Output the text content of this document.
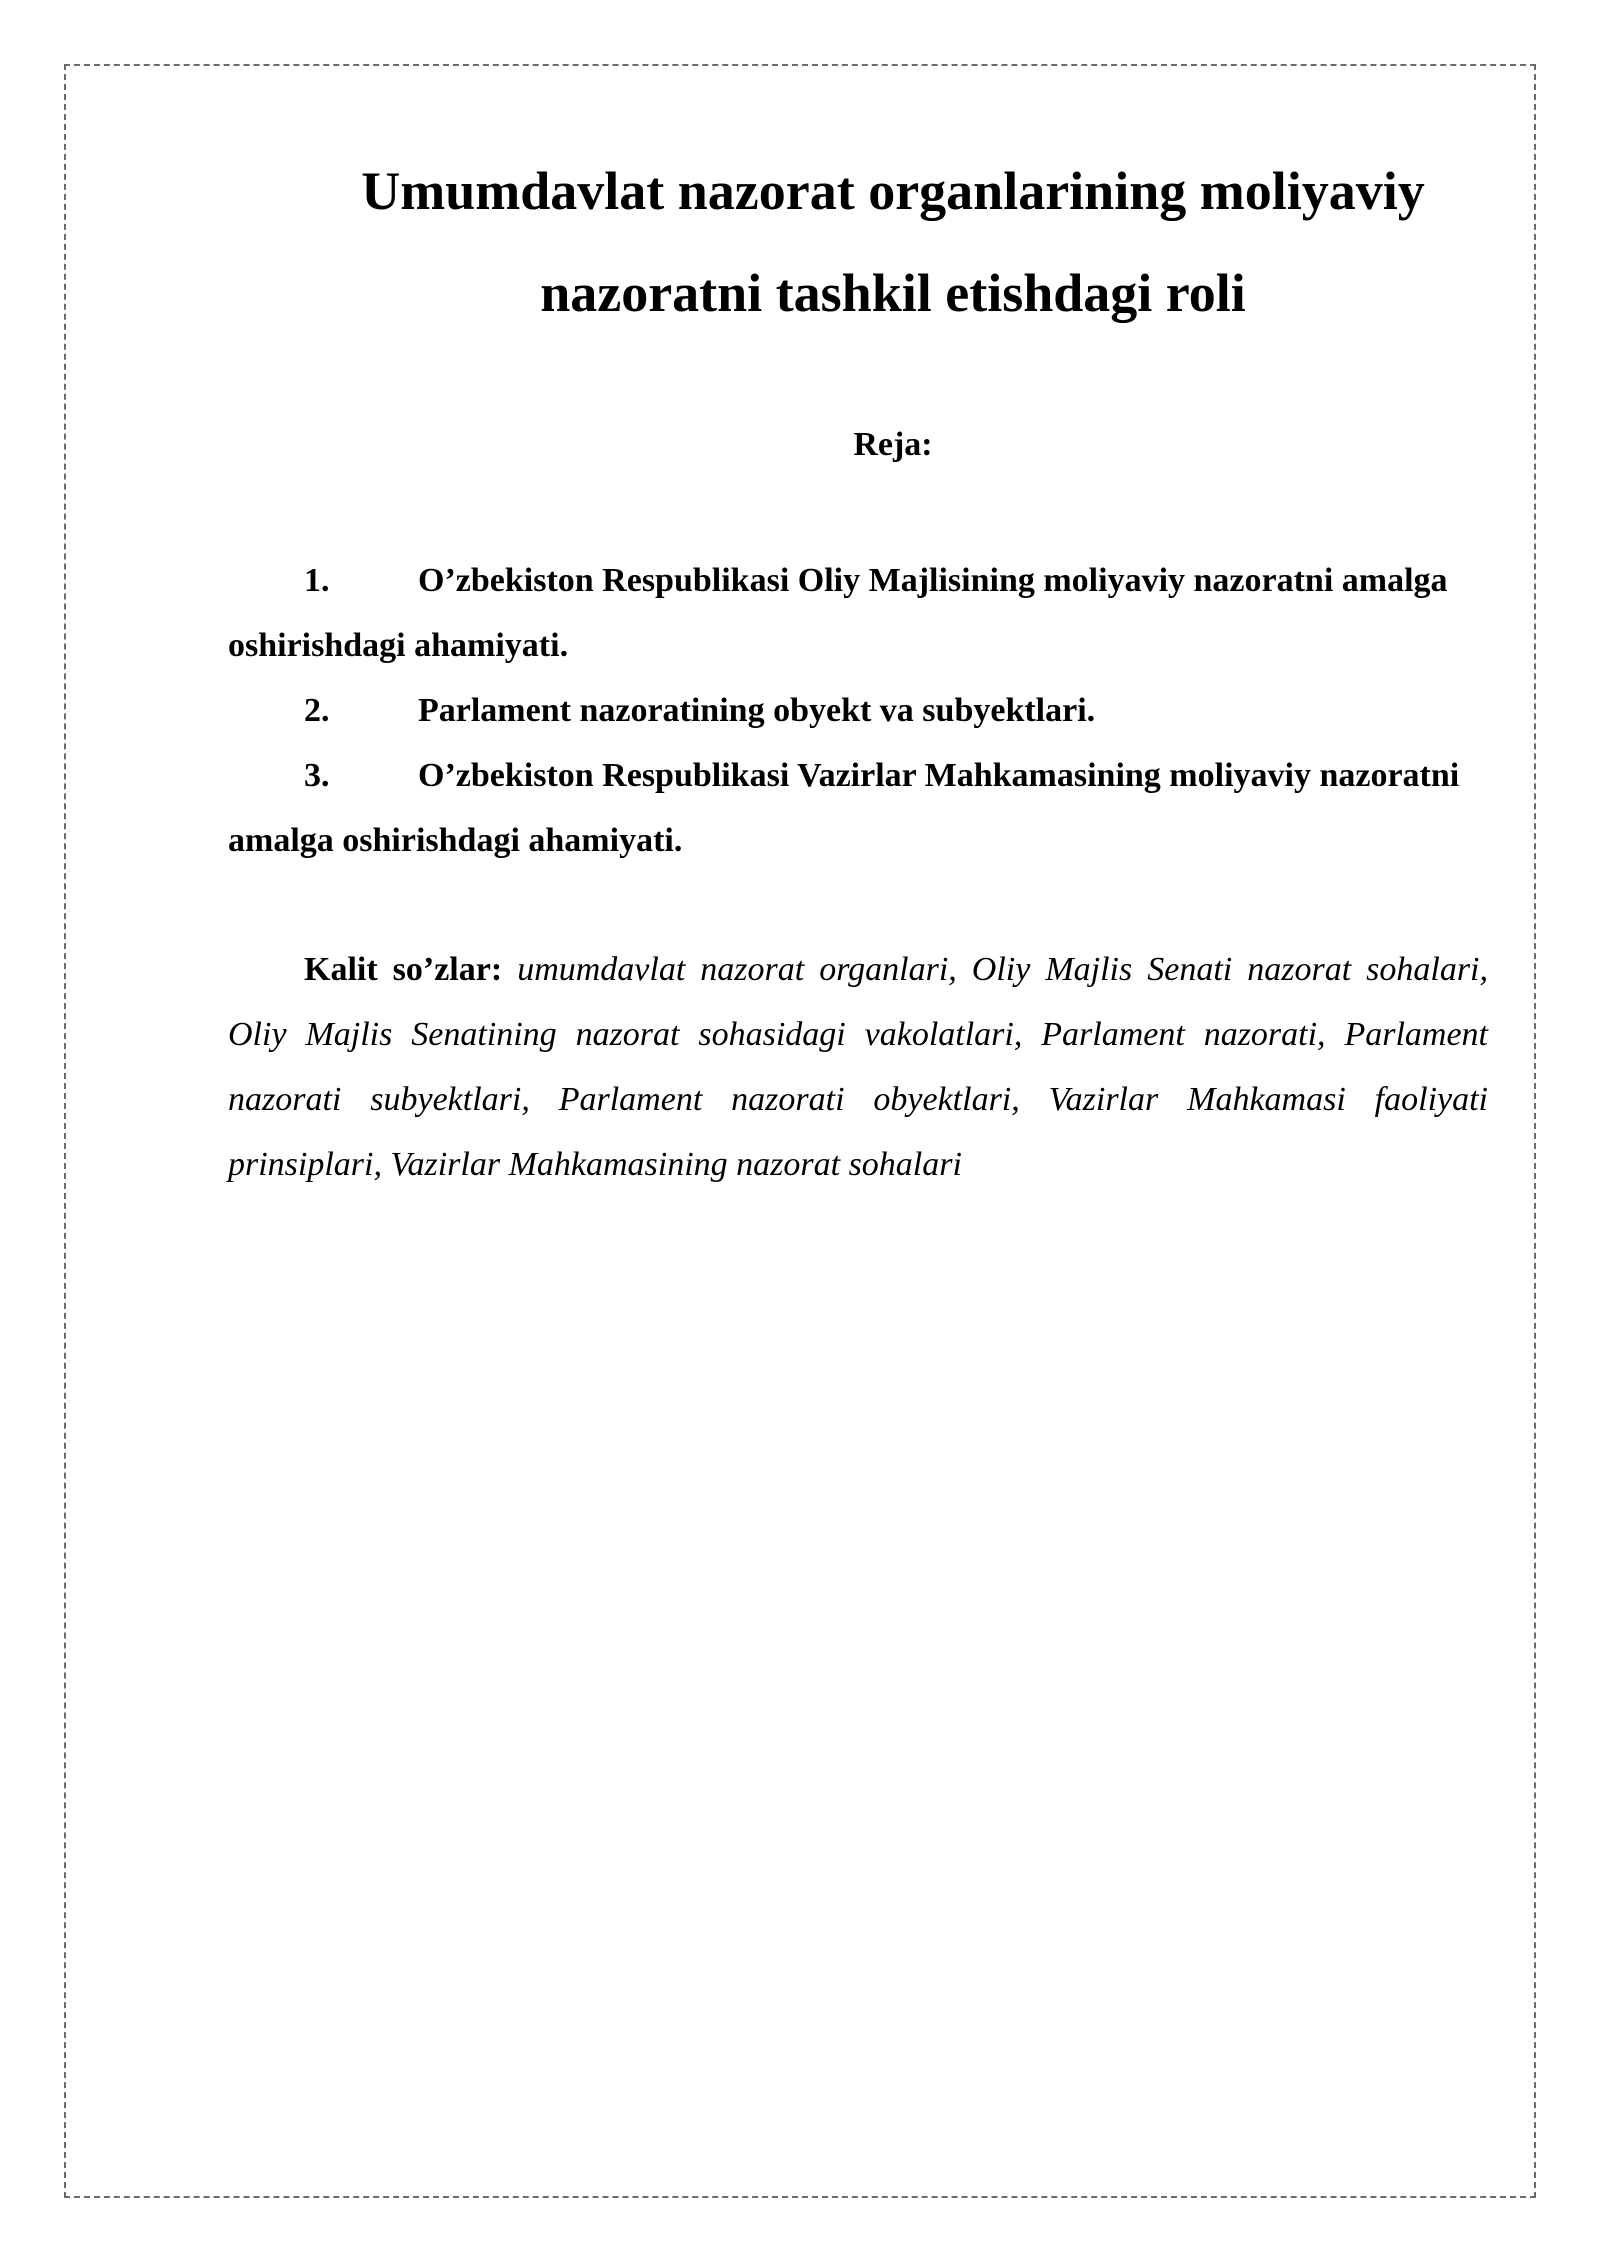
Umumdavlat nazorat organlarining moliyaviy nazoratni tashkil etishdagi roli
Reja:
1.	O’zbekiston Respublikasi Oliy Majlisining moliyaviy nazoratni amalga oshirishdagi ahamiyati.
2.	Parlament nazoratining obyekt va subyektlari.
3.	O’zbekiston Respublikasi Vazirlar Mahkamasining moliyaviy nazoratni amalga oshirishdagi ahamiyati.

Kalit so’zlar: umumdavlat nazorat organlari, Oliy Majlis Senati nazorat sohalari, Oliy Majlis Senatining nazorat sohasidagi vakolatlari, Parlament nazorati, Parlament nazorati subyektlari, Parlament nazorati obyektlari, Vazirlar Mahkamasi faoliyati prinsiplari, Vazirlar Mahkamasining nazorat sohalari
